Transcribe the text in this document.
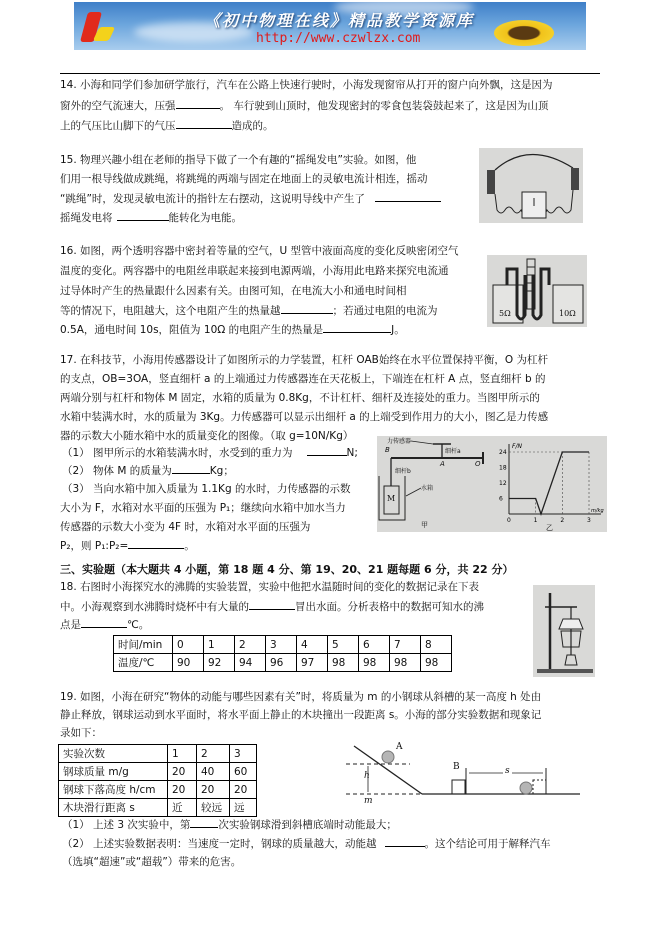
《初中物理在线》精品教学资源库
http://www.czwlzx.com
14. 小海和同学们参加研学旅行，汽车在公路上快速行驶时，小海发现窗帘从打开的窗户向外飘，这是因为
窗外的空气流速大，压强	。 车行驶到山顶时，他发现密封的零食包装袋鼓起来了，这是因为山顶
上的气压比山脚下的气压	造成的。
15. 物理兴趣小组在老师的指导下做了一个有趣的“摇绳发电”实验。如图，他
们用一根导线做成跳绳，将跳绳的两端与固定在地面上的灵敏电流计相连，摇动
“跳绳”时，发现灵敏电流计的指针左右摆动，这说明导线中产生了
摇绳发电将	能转化为电能。
16. 如图，两个透明容器中密封着等量的空气，U 型管中液面高度的变化反映密闭空气
温度的变化。两容器中的电阻丝串联起来接到电源两端，小海用此电路来探究电流通
过导体时产生的热量跟什么因素有关。由图可知，在电流大小和通电时间相
等的情况下，电阻越大，这个电阻产生的热量越	；若通过电阻的电流为
0.5A，通电时间 10s，阻值为 10Ω 的电阻产生的热量是	J。
5Ω	10Ω
17. 在科技节，小海用传感器设计了如图所示的力学装置，杠杆 OAB始终在水平位置保持平衡，O 为杠杆
的支点，OB=3OA，竖直细杆 a 的上端通过力传感器连在天花板上，下端连在杠杆 A 点，竖直细杆 b 的
两端分别与杠杆和物体 M 固定，水箱的质量为 0.8Kg，不计杠杆、细杆及连接处的重力。当图甲所示的
水箱中装满水时，水的质量为 3Kg。力传感器可以显示出细杆 a 的上端受到作用力的大小，图乙是力传感
器的示数大小随水箱中水的质量变化的图像。（取 g=10N/Kg）
（1） 图甲所示的水箱装满水时，水受到的重力为	N;
（2） 物体 M 的质量为	Kg；
（3） 当向水箱中加入质量为 1.1Kg 的水时，力传感器的示数
大小为 F，水箱对水平面的压强为 P₁；继续向水箱中加水当力
传感器的示数大小变为 4F 时，水箱对水平面的压强为
P₂，则 P₁:P₂=	。
B
A	O
力传感器
细杆a
细杆b
水箱
M
甲
0	1	2	3
6
12
18
24
F/N
m/kg
乙
三、实验题（本大题共 4 小题，第 18 题 4 分、第 19、20、21 题每题 6 分，共 22 分）
18. 右图时小海探究水的沸腾的实验装置，实验中他把水温随时间的变化的数据记录在下表
中。小海观察到水沸腾时烧杯中有大量的	冒出水面。分析表格中的数据可知水的沸
点是	℃。
时间/min	0	1	2	3	4	5	6	7	8
温度/℃	90	92	94	96	97	98	98	98	98
19. 如图，小海在研究“物体的动能与哪些因素有关”时，将质量为 m 的小钢球从斜槽的某一高度 h 处由
静止释放，钢球运动到水平面时，将水平面上静止的木块撞出一段距离 s。小海的部分实验数据和现象记
录如下：
实验次数	1	2	3
钢球质量 m/g	20	40	60
钢球下落高度 h/cm	20	20	20
木块滑行距离 s	近	较远	远
A
B
h	s
m
（1） 上述 3 次实验中，第	次实验钢球滑到斜槽底端时动能最大；
（2） 上述实验数据表明：当速度一定时，钢球的质量越大，动能越	。这个结论可用于解释汽车
（选填“超速”或“超载”）带来的危害。
